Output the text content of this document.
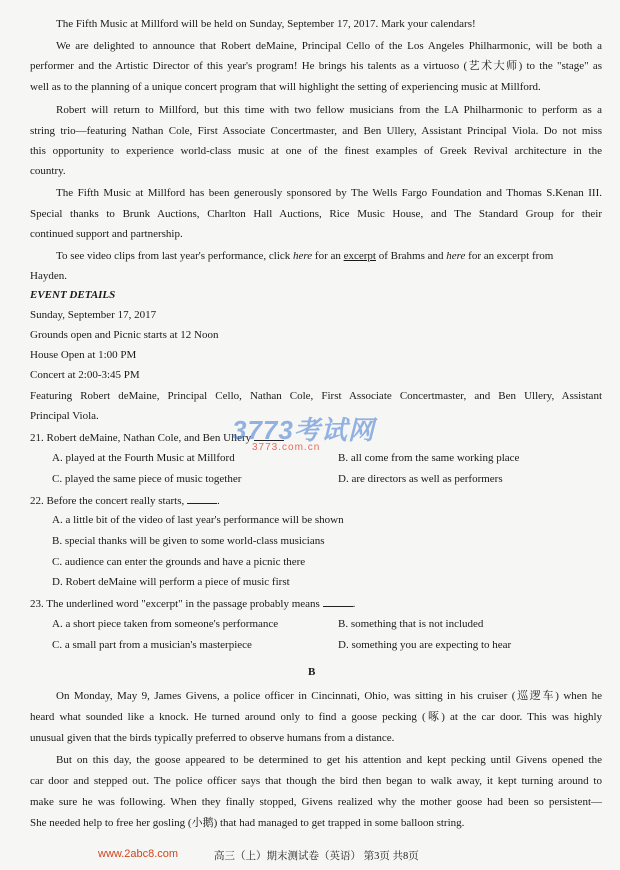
The Fifth Music at Millford will be held on Sunday, September 17, 2017. Mark your calendars!
We are delighted to announce that Robert deMaine, Principal Cello of the Los Angeles Philharmonic, will be both a
performer and the Artistic Director of this year's program! He brings his talents as a virtuoso (艺术大师) to the "stage" as
well as to the planning of a unique concert program that will highlight the setting of experiencing music at Millford.
Robert will return to Millford, but this time with two fellow musicians from the LA Philharmonic to perform as a
string trio—featuring Nathan Cole, First Associate Concertmaster, and Ben Ullery, Assistant Principal Viola. Do not miss
this opportunity to experience world-class music at one of the finest examples of Greek Revival architecture in the
country.
The Fifth Music at Millford has been generously sponsored by The Wells Fargo Foundation and Thomas S.Kenan III.
Special thanks to Brunk Auctions, Charlton Hall Auctions, Rice Music House, and The Standard Group for their
continued support and partnership.
To see video clips from last year's performance, click here for an excerpt of Brahms and here for an excerpt from
Hayden.
EVENT DETAILS
Sunday, September 17, 2017
Grounds open and Picnic starts at 12 Noon
House Open at 1:00 PM
Concert at 2:00-3:45 PM
Featuring Robert deMaine, Principal Cello, Nathan Cole, First Associate Concertmaster, and Ben Ullery, Assistant
Principal Viola.
21. Robert deMaine, Nathan Cole, and Ben Ullery
A. played at the Fourth Music at Millford	B. all come from the same working place
C. played the same piece of music together	D. are directors as well as performers
22. Before the concert really starts,	.
A. a little bit of the video of last year's performance will be shown
B. special thanks will be given to some world-class musicians
C. audience can enter the grounds and have a picnic there
D. Robert deMaine will perform a piece of music first
23. The underlined word "excerpt" in the passage probably means	.
A. a short piece taken from someone's performance	B. something that is not included
C. a small part from a musician's masterpiece	D. something you are expecting to hear
B
On Monday, May 9, James Givens, a police officer in Cincinnati, Ohio, was sitting in his cruiser (巡逻车) when he
heard what sounded like a knock. He turned around only to find a goose pecking (啄) at the car door. This was highly
unusual given that the birds typically preferred to observe humans from a distance.
But on this day, the goose appeared to be determined to get his attention and kept pecking until Givens opened the
car door and stepped out. The police officer says that though the bird then began to walk away, it kept turning around to
make sure he was following. When they finally stopped, Givens realized why the mother goose had been so persistent—
She needed help to free her gosling (小鹅) that had managed to get trapped in some balloon string.
3773考试网
3773.com.cn
www.2abc8.com	高三（上）期末测试卷（英语） 第3页 共8页
